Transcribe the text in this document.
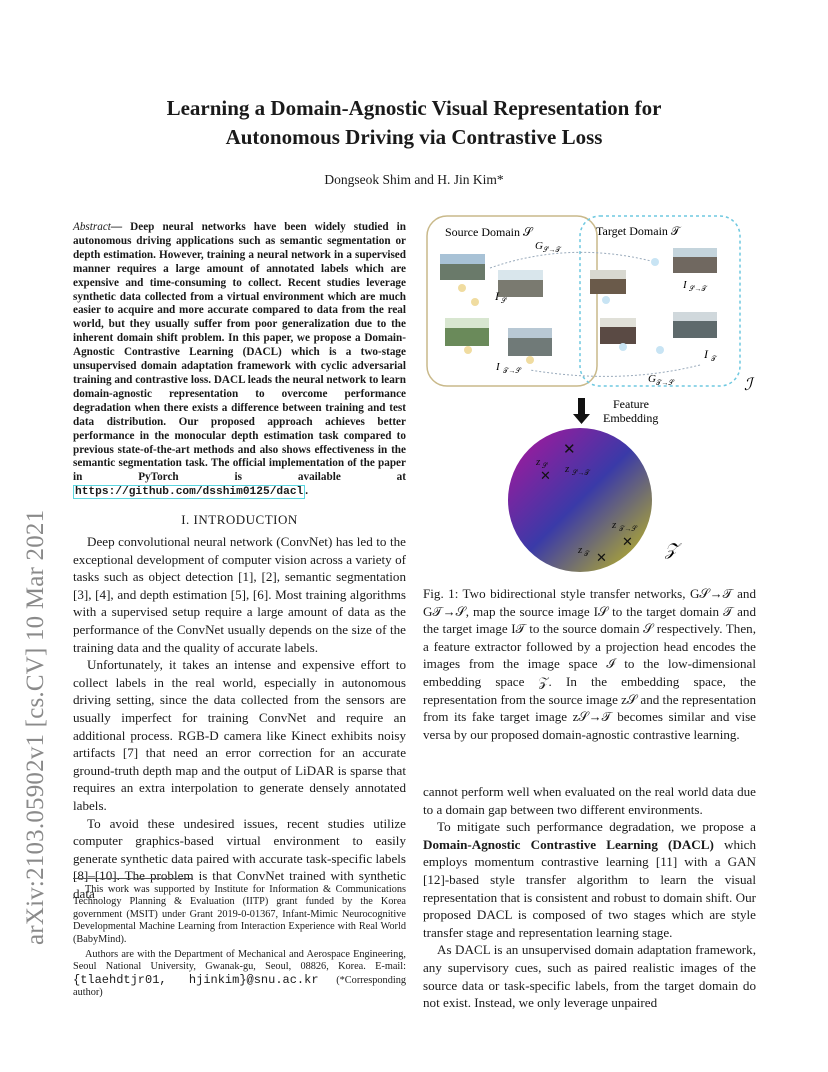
arXiv:2103.05902v1 [cs.CV] 10 Mar 2021
Learning a Domain-Agnostic Visual Representation for
Autonomous Driving via Contrastive Loss
Dongseok Shim and H. Jin Kim*
Abstract— Deep neural networks have been widely studied in autonomous driving applications such as semantic segmentation or depth estimation. However, training a neural network in a supervised manner requires a large amount of annotated labels which are expensive and time-consuming to collect. Recent studies leverage synthetic data collected from a virtual environment which are much easier to acquire and more accurate compared to data from the real world, but they usually suffer from poor generalization due to the inherent domain shift problem. In this paper, we propose a Domain-Agnostic Contrastive Learning (DACL) which is a two-stage unsupervised domain adaptation framework with cyclic adversarial training and contrastive loss. DACL leads the neural network to learn domain-agnostic representation to overcome performance degradation when there exists a difference between training and test data distribution. Our proposed approach achieves better performance in the monocular depth estimation task compared to previous state-of-the-art methods and also shows effectiveness in the semantic segmentation task. The official implementation of the paper in PyTorch is available at https://github.com/dsshim0125/dacl .
I. INTRODUCTION

Deep convolutional neural network (ConvNet) has led to the exceptional development of computer vision across a variety of tasks such as object detection [1], [2], semantic segmentation [3], [4], and depth estimation [5], [6]. Most training algorithms with a supervised setup require a large amount of data as the performance of the ConvNet usually depends on the size of the training data and the quality of accurate labels.

Unfortunately, it takes an intense and expensive effort to collect labels in the real world, especially in autonomous driving setting, since the data collected from the sensors are usually imperfect for training ConvNet and require an additional process. RGB-D camera like Kinect exhibits noisy artifacts [7] that need an error correction for an accurate ground-truth depth map and the output of LiDAR is sparse that requires an extra interpolation to generate densely annotated labels.

To avoid these undesired issues, recent studies utilize computer graphics-based virtual environment to easily generate synthetic data paired with accurate task-specific labels [8]–[10]. The problem is that ConvNet trained with synthetic data

This work was supported by Institute for Information & Communications Technology Planning & Evaluation (IITP) grant funded by the Korea government (MSIT) under Grant 2019-0-01367, Infant-Mimic Neurocognitive Developmental Machine Learning from Interaction Experience with Real World (BabyMind).

Authors are with the Department of Mechanical and Aerospace Engineering, Seoul National University, Gwanak-gu, Seoul, 08826, Korea. E-mail: {tlaehdtjr01, hjinkim}@snu.ac.kr (*Corresponding author)

Source Domain 𝒮	Target Domain 𝒯
G 𝒮→𝒯
I 𝒮
I 𝒮→𝒯
I 𝒯
I 𝒯→𝒮
G 𝒯→𝒮	ℐ
Feature
Embedding
✕
z 𝒮
✕ z 𝒮→𝒯
z 𝒯→𝒮
✕
z 𝒯 ✕	𝒵
Fig. 1: Two bidirectional style transfer networks, G𝒮→𝒯 and G𝒯→𝒮, map the source image I𝒮 to the target domain 𝒯 and the target image I𝒯 to the source domain 𝒮 respectively. Then, a feature extractor followed by a projection head encodes the images from the image space ℐ to the low-dimensional embedding space 𝒵. In the embedding space, the representation from the source image z𝒮 and the representation from its fake target image z𝒮→𝒯 becomes similar and vise versa by our proposed domain-agnostic contrastive learning.

cannot perform well when evaluated on the real world data due to a domain gap between two different environments.

To mitigate such performance degradation, we propose a Domain-Agnostic Contrastive Learning (DACL) which employs momentum contrastive learning [11] with a GAN [12]-based style transfer algorithm to learn the visual representation that is consistent and robust to domain shift. Our proposed DACL is composed of two stages which are style transfer stage and representation learning stage.

As DACL is an unsupervised domain adaptation framework, any supervisory cues, such as paired realistic images of the source data or task-specific labels, from the target domain do not exist. Instead, we only leverage unpaired
